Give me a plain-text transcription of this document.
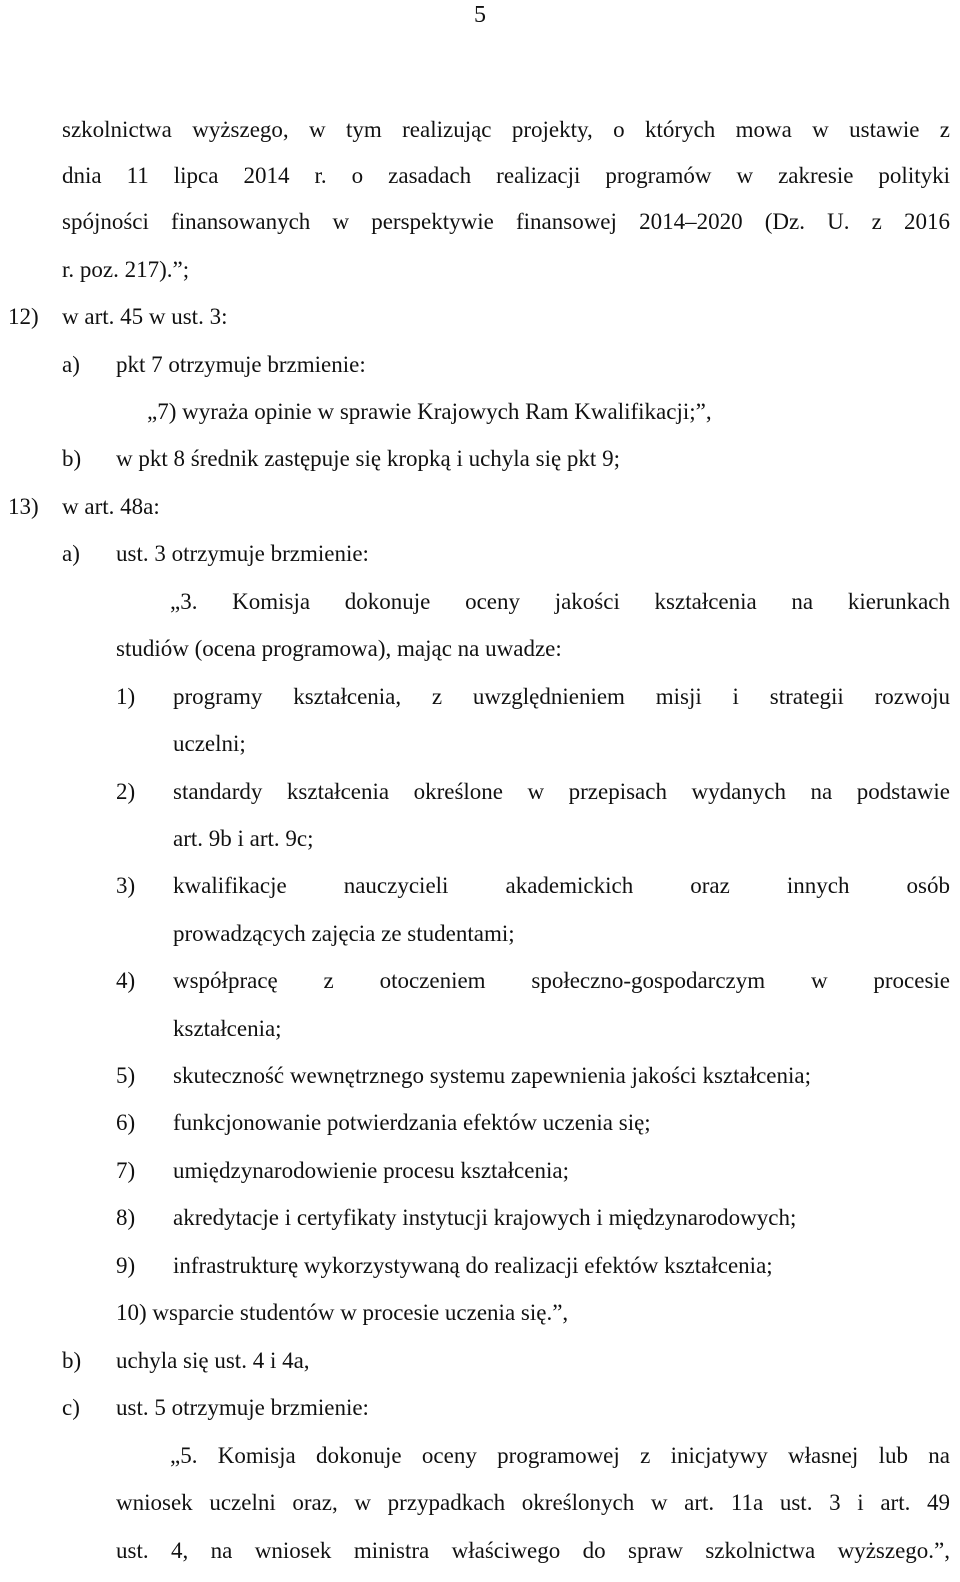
5
szkolnictwa wyższego, w tym realizując projekty, o których mowa w ustawie z
dnia 11 lipca 2014 r. o zasadach realizacji programów w zakresie polityki
spójności finansowanych w perspektywie finansowej 2014–2020 (Dz. U. z 2016
r. poz. 217).”;
12) w art. 45 w ust. 3:
a) pkt 7 otrzymuje brzmienie:
„7) wyraża opinie w sprawie Krajowych Ram Kwalifikacji;”,
b) w pkt 8 średnik zastępuje się kropką i uchyla się pkt 9;
13) w art. 48a:
a) ust. 3 otrzymuje brzmienie:
„3. Komisja dokonuje oceny jakości kształcenia na kierunkach
studiów (ocena programowa), mając na uwadze:
1) programy kształcenia, z uwzględnieniem misji i strategii rozwoju
uczelni;
2) standardy kształcenia określone w przepisach wydanych na podstawie
art. 9b i art. 9c;
3) kwalifikacje nauczycieli akademickich oraz innych osób
prowadzących zajęcia ze studentami;
4) współpracę z otoczeniem społeczno-gospodarczym w procesie
kształcenia;
5) skuteczność wewnętrznego systemu zapewnienia jakości kształcenia;
6) funkcjonowanie potwierdzania efektów uczenia się;
7) umiędzynarodowienie procesu kształcenia;
8) akredytacje i certyfikaty instytucji krajowych i międzynarodowych;
9) infrastrukturę wykorzystywaną do realizacji efektów kształcenia;
10) wsparcie studentów w procesie uczenia się.”,
b) uchyla się ust. 4 i 4a,
c) ust. 5 otrzymuje brzmienie:
„5. Komisja dokonuje oceny programowej z inicjatywy własnej lub na
wniosek uczelni oraz, w przypadkach określonych w art. 11a ust. 3 i art. 49
ust. 4, na wniosek ministra właściwego do spraw szkolnictwa wyższego.”,
